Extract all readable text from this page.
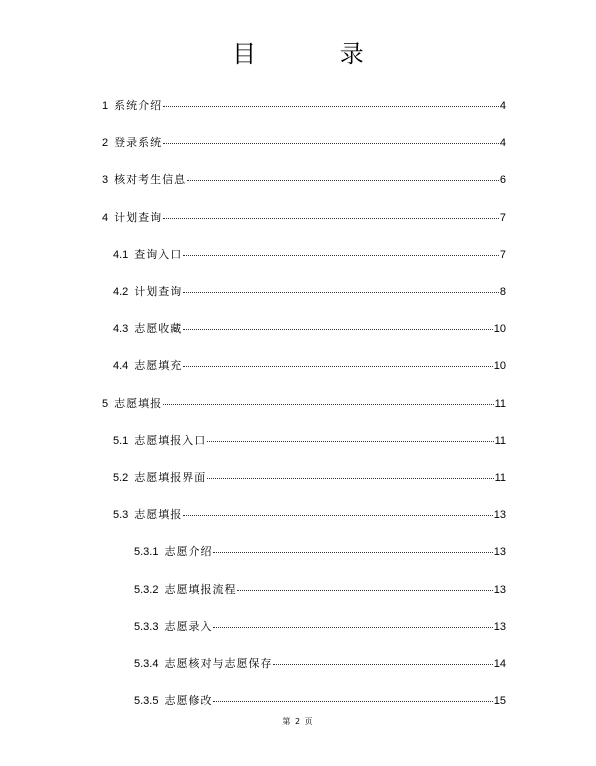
目 录
1 系统介绍	4
2 登录系统	4
3 核对考生信息	6
4 计划查询	7
4.1 查询入口	7
4.2 计划查询	8
4.3 志愿收藏	10
4.4 志愿填充	10
5 志愿填报	11
5.1 志愿填报入口	11
5.2 志愿填报界面	11
5.3 志愿填报	13
5.3.1 志愿介绍	13
5.3.2 志愿填报流程	13
5.3.3 志愿录入	13
5.3.4 志愿核对与志愿保存	14
5.3.5 志愿修改	15
第 2 页
